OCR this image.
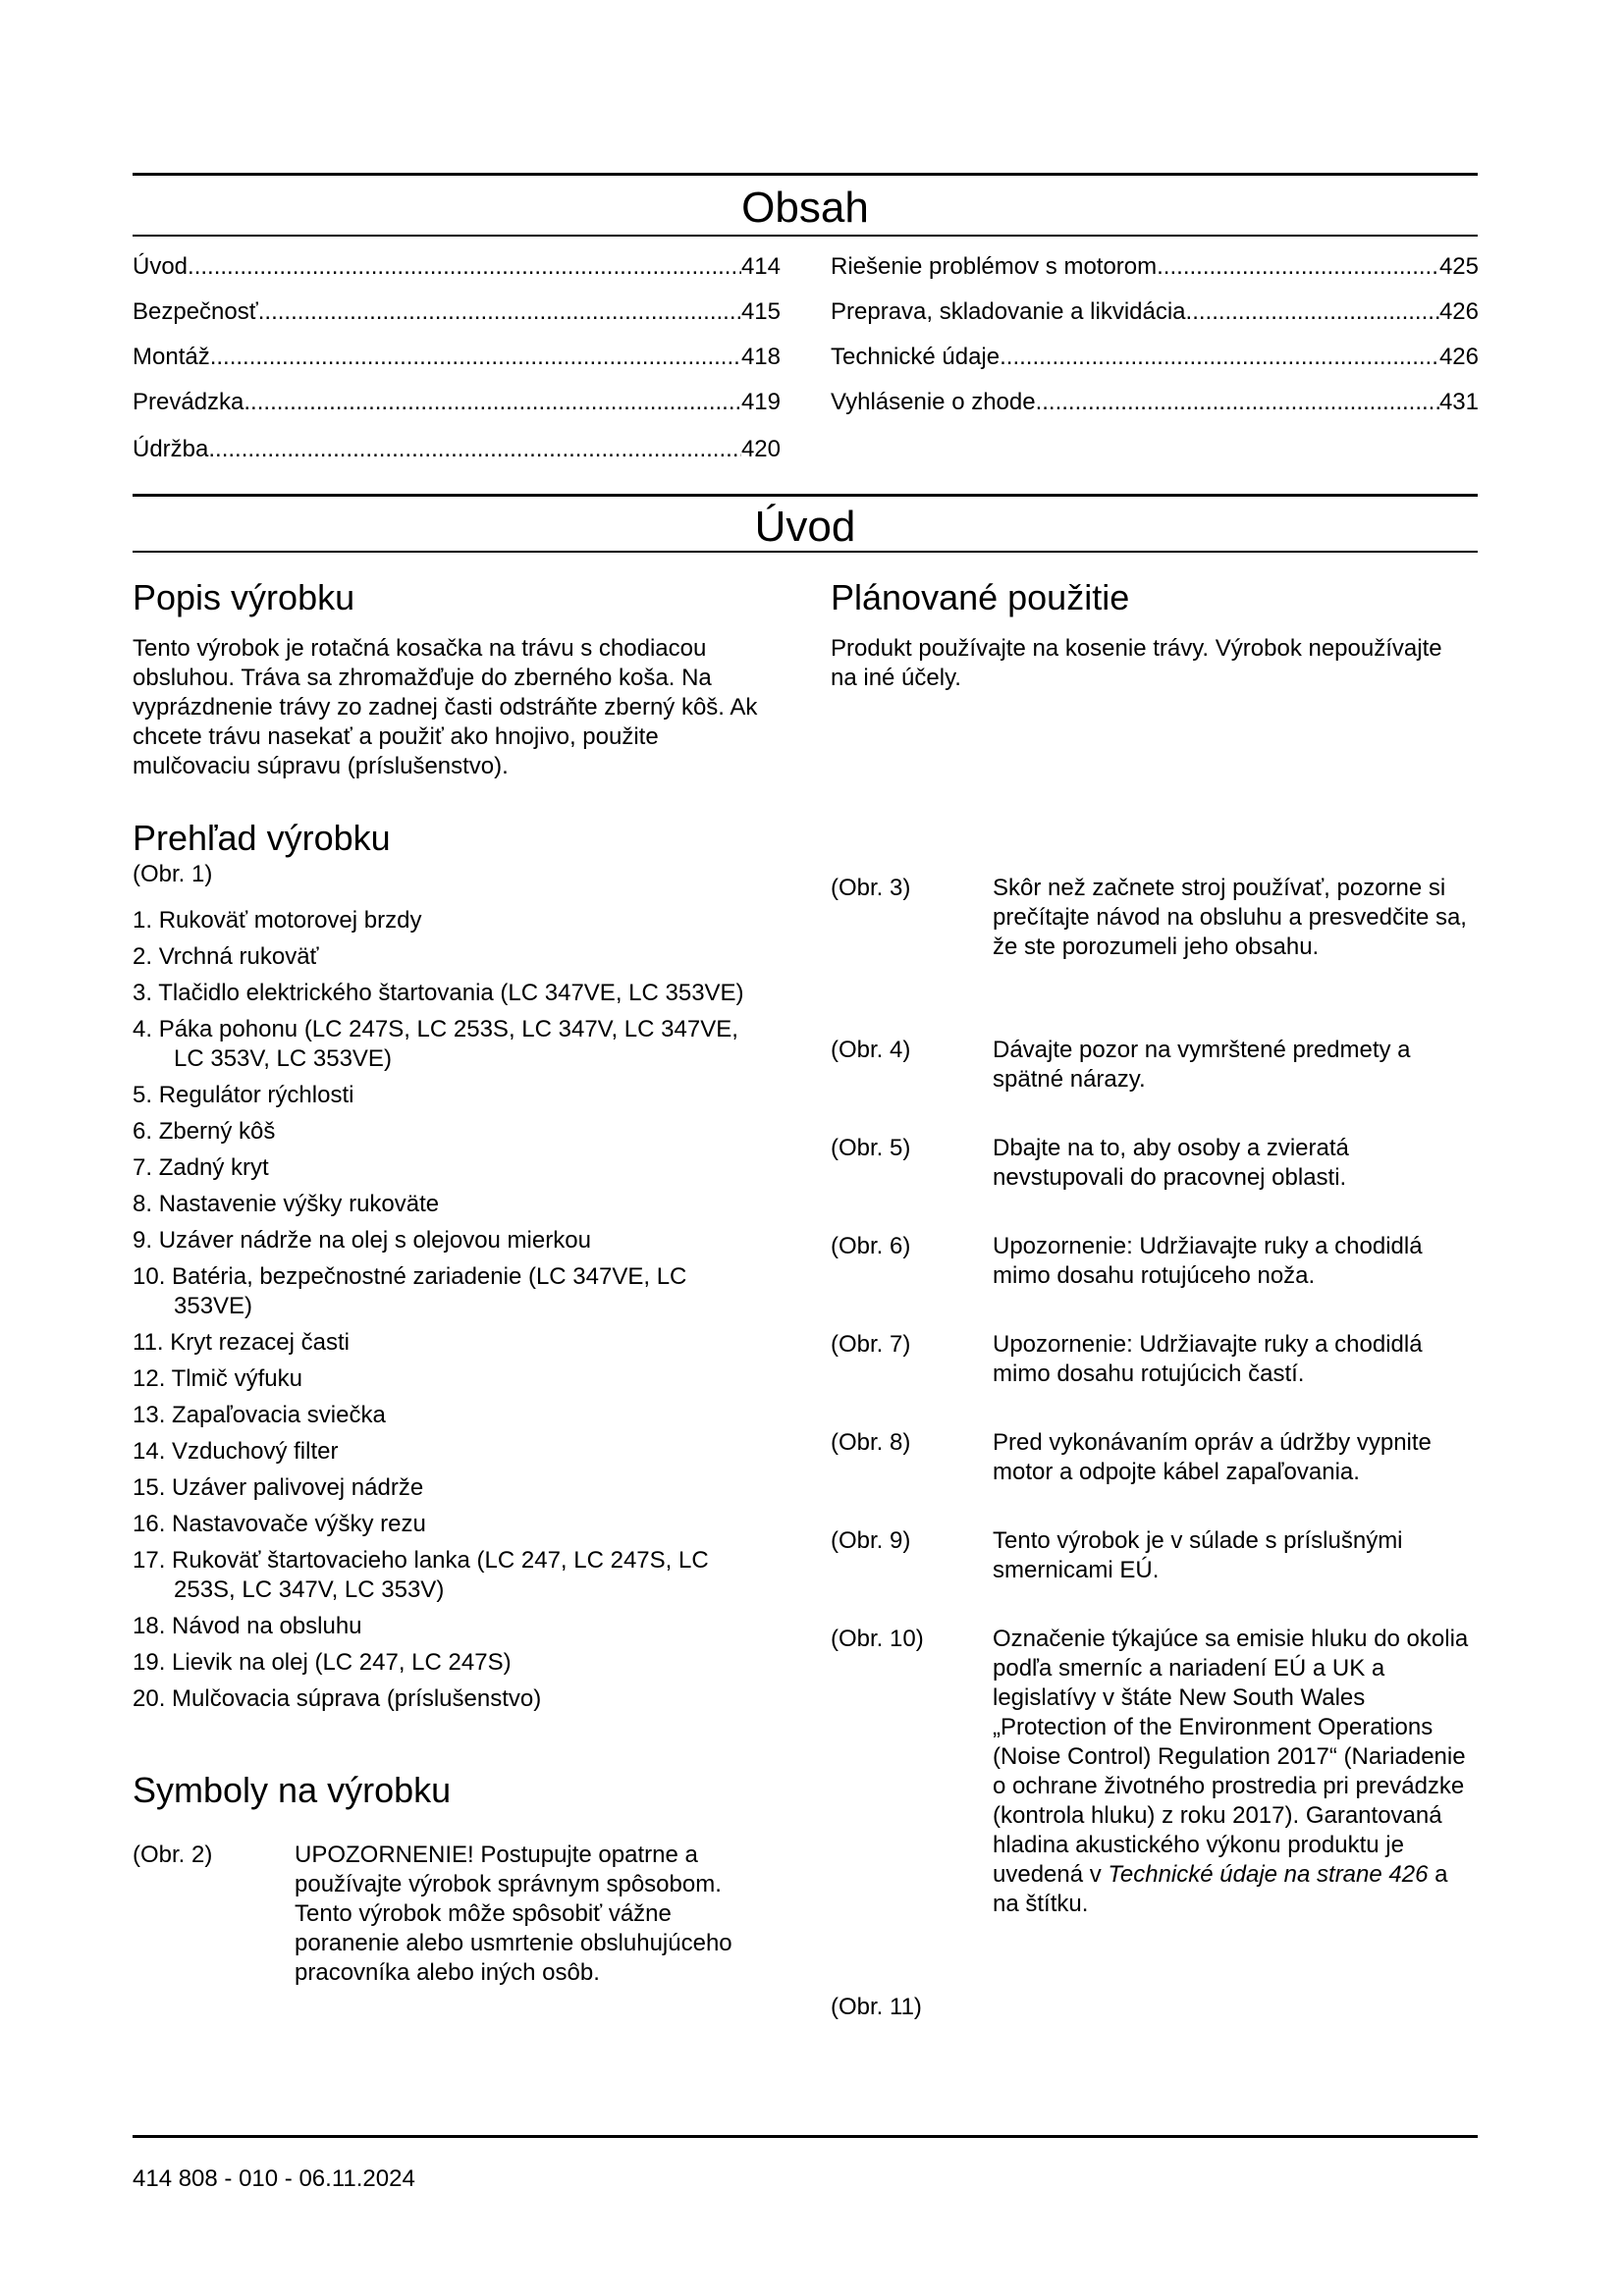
Obsah
Úvod .....	414
Bezpečnosť .....	415
Montáž .....	418
Prevádzka .....	419
Údržba .....	420
Riešenie problémov s motorom .....	425
Preprava, skladovanie a likvidácia .....	426
Technické údaje .....	426
Vyhlásenie o zhode .....	431
Úvod
Popis výrobku
Tento výrobok je rotačná kosačka na trávu s chodiacou obsluhou. Tráva sa zhromažďuje do zberného koša. Na vyprázdnenie trávy zo zadnej časti odstráňte zberný kôš. Ak chcete trávu nasekať a použiť ako hnojivo, použite mulčovaciu súpravu (príslušenstvo).
Prehľad výrobku
(Obr. 1)
1. Rukoväť motorovej brzdy
2. Vrchná rukoväť
3. Tlačidlo elektrického štartovania (LC 347VE, LC 353VE)
4. Páka pohonu (LC 247S, LC 253S, LC 347V, LC 347VE, LC 353V, LC 353VE)
5. Regulátor rýchlosti
6. Zberný kôš
7. Zadný kryt
8. Nastavenie výšky rukoväte
9. Uzáver nádrže na olej s olejovou mierkou
10. Batéria, bezpečnostné zariadenie (LC 347VE, LC 353VE)
11. Kryt rezacej časti
12. Tlmič výfuku
13. Zapaľovacia sviečka
14. Vzduchový filter
15. Uzáver palivovej nádrže
16. Nastavovače výšky rezu
17. Rukoväť štartovacieho lanka (LC 247, LC 247S, LC 253S, LC 347V, LC 353V)
18. Návod na obsluhu
19. Lievik na olej (LC 247, LC 247S)
20. Mulčovacia súprava (príslušenstvo)
Symboly na výrobku
(Obr. 2)	UPOZORNENIE! Postupujte opatrne a používajte výrobok správnym spôsobom. Tento výrobok môže spôsobiť vážne poranenie alebo usmrtenie obsluhujúceho pracovníka alebo iných osôb.
Plánované použitie
Produkt používajte na kosenie trávy. Výrobok nepoužívajte na iné účely.
(Obr. 3)	Skôr než začnete stroj používať, pozorne si prečítajte návod na obsluhu a presvedčite sa, že ste porozumeli jeho obsahu.
(Obr. 4)	Dávajte pozor na vymrštené predmety a spätné nárazy.
(Obr. 5)	Dbajte na to, aby osoby a zvieratá nevstupovali do pracovnej oblasti.
(Obr. 6)	Upozornenie: Udržiavajte ruky a chodidlá mimo dosahu rotujúceho noža.
(Obr. 7)	Upozornenie: Udržiavajte ruky a chodidlá mimo dosahu rotujúcich častí.
(Obr. 8)	Pred vykonávaním opráv a údržby vypnite motor a odpojte kábel zapaľovania.
(Obr. 9)	Tento výrobok je v súlade s príslušnými smernicami EÚ.
(Obr. 10)	Označenie týkajúce sa emisie hluku do okolia podľa smerníc a nariadení EÚ a UK a legislatívy v štáte New South Wales „Protection of the Environment Operations (Noise Control) Regulation 2017“ (Nariadenie o ochrane životného prostredia pri prevádzke (kontrola hluku) z roku 2017). Garantovaná hladina akustického výkonu produktu je uvedená v Technické údaje na strane 426 a na štítku.
(Obr. 11)
414 808 - 010 - 06.11.2024
